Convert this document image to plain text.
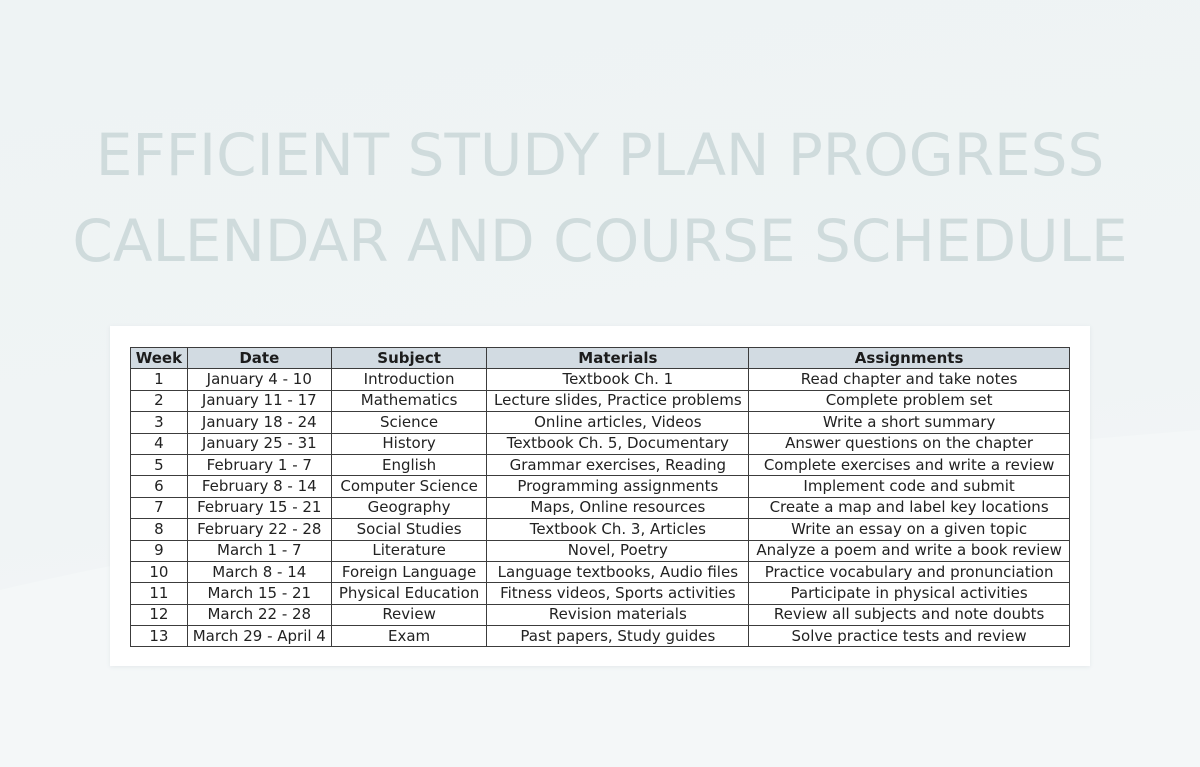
EFFICIENT STUDY PLAN PROGRESS
CALENDAR AND COURSE SCHEDULE
Week	Date	Subject	Materials	Assignments
1	January 4 - 10	Introduction	Textbook Ch. 1	Read chapter and take notes
2	January 11 - 17	Mathematics	Lecture slides, Practice problems	Complete problem set
3	January 18 - 24	Science	Online articles, Videos	Write a short summary
4	January 25 - 31	History	Textbook Ch. 5, Documentary	Answer questions on the chapter
5	February 1 - 7	English	Grammar exercises, Reading	Complete exercises and write a review
6	February 8 - 14	Computer Science	Programming assignments	Implement code and submit
7	February 15 - 21	Geography	Maps, Online resources	Create a map and label key locations
8	February 22 - 28	Social Studies	Textbook Ch. 3, Articles	Write an essay on a given topic
9	March 1 - 7	Literature	Novel, Poetry	Analyze a poem and write a book review
10	March 8 - 14	Foreign Language	Language textbooks, Audio files	Practice vocabulary and pronunciation
11	March 15 - 21	Physical Education	Fitness videos, Sports activities	Participate in physical activities
12	March 22 - 28	Review	Revision materials	Review all subjects and note doubts
13	March 29 - April 4	Exam	Past papers, Study guides	Solve practice tests and review
